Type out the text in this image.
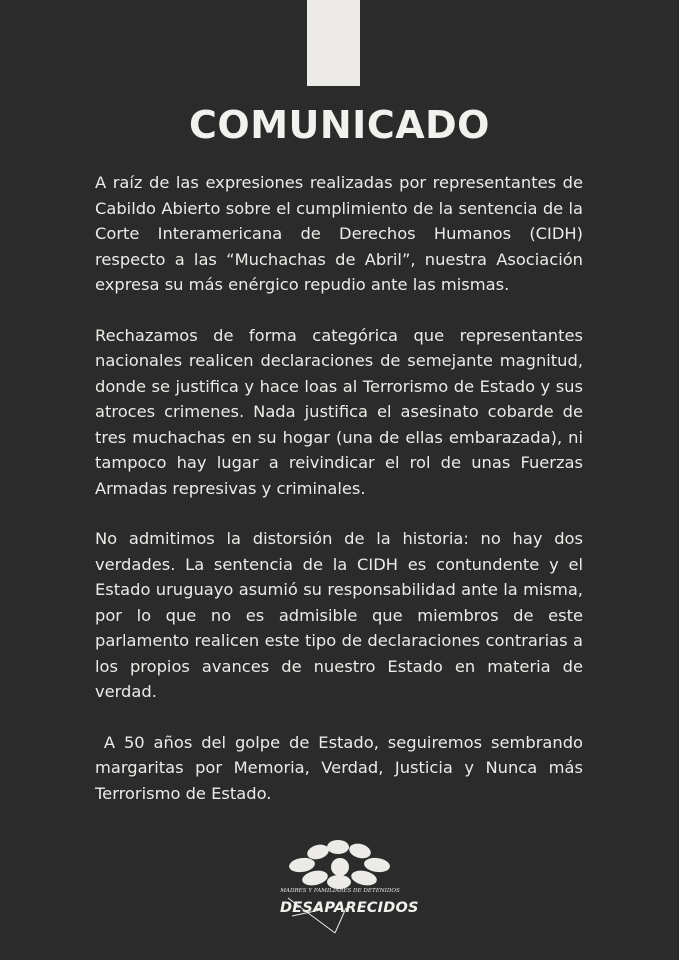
COMUNICADO

A raíz de las expresiones realizadas por representantes de Cabildo Abierto sobre el cumplimiento de la sentencia de la Corte Interamericana de Derechos Humanos (CIDH) respecto a las “Muchachas de Abril”, nuestra Asociación expresa su más enérgico repudio ante las mismas.

Rechazamos de forma categórica que representantes nacionales realicen declaraciones de semejante magnitud, donde se justifica y hace loas al Terrorismo de Estado y sus atroces crimenes. Nada justifica el asesinato cobarde de tres muchachas en su hogar (una de ellas embarazada), ni tampoco hay lugar a reivindicar el rol de unas Fuerzas Armadas represivas y criminales.

No admitimos la distorsión de la historia: no hay dos verdades. La sentencia de la CIDH es contundente y el Estado uruguayo asumió su responsabilidad ante la misma, por lo que no es admisible que miembros de este parlamento realicen este tipo de declaraciones contrarias a los propios avances de nuestro Estado en materia de verdad.

A 50 años del golpe de Estado, seguiremos sembrando margaritas por Memoria, Verdad, Justicia y Nunca más Terrorismo de Estado.

MADRES Y FAMILIARES DE DETENIDOS
DESAPARECIDOS
